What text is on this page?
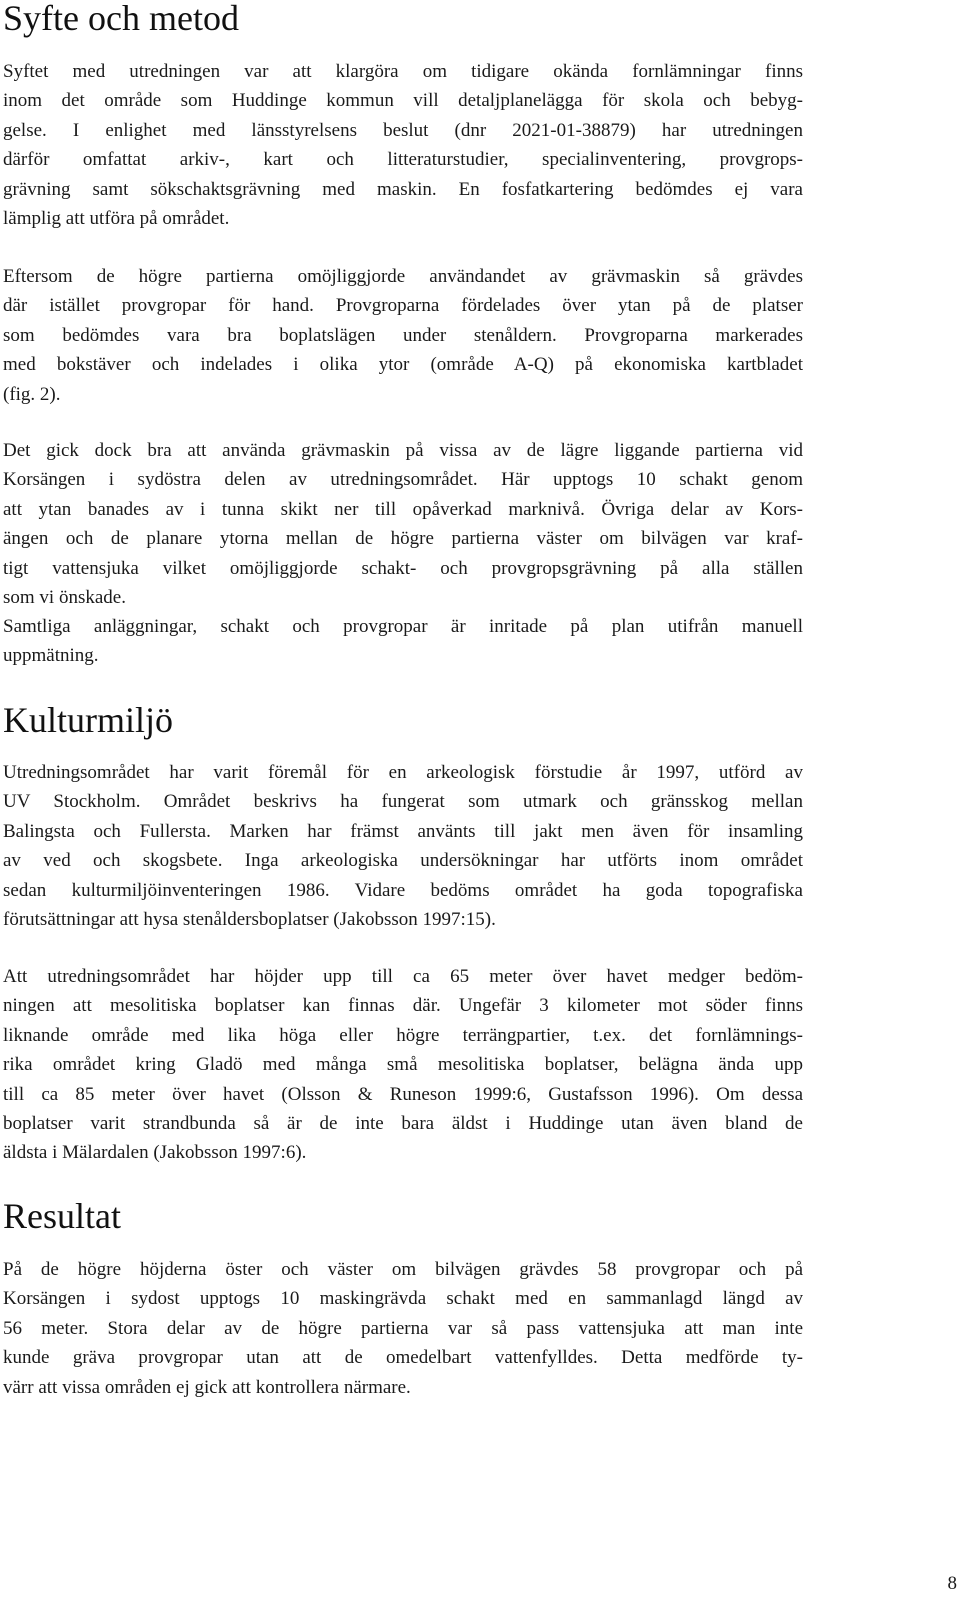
Syfte och metod
Syftet med utredningen var att klargöra om tidigare okända fornlämningar finns
inom det område som Huddinge kommun vill detaljplanelägga för skola och bebyg-
gelse. I enlighet med länsstyrelsens beslut (dnr 2021-01-38879) har utredningen
därför omfattat arkiv-, kart och litteraturstudier, specialinventering, provgrops-
grävning samt sökschaktsgrävning med maskin. En fosfatkartering bedömdes ej vara
lämplig att utföra på området.
Eftersom de högre partierna omöjliggjorde användandet av grävmaskin så grävdes
där istället provgropar för hand. Provgroparna fördelades över ytan på de platser
som bedömdes vara bra boplatslägen under stenåldern. Provgroparna markerades
med bokstäver och indelades i olika ytor (område A-Q) på ekonomiska kartbladet
(fig. 2).
Det gick dock bra att använda grävmaskin på vissa av de lägre liggande partierna vid
Korsängen i sydöstra delen av utredningsområdet. Här upptogs 10 schakt genom
att ytan banades av i tunna skikt ner till opåverkad marknivå. Övriga delar av Kors-
ängen och de planare ytorna mellan de högre partierna väster om bilvägen var kraf-
tigt vattensjuka vilket omöjliggjorde schakt- och provgropsgrävning på alla ställen
som vi önskade.
Samtliga anläggningar, schakt och provgropar är inritade på plan utifrån manuell
uppmätning.
Kulturmiljö
Utredningsområdet har varit föremål för en arkeologisk förstudie år 1997, utförd av
UV Stockholm. Området beskrivs ha fungerat som utmark och gränsskog mellan
Balingsta och Fullersta. Marken har främst använts till jakt men även för insamling
av ved och skogsbete. Inga arkeologiska undersökningar har utförts inom området
sedan kulturmiljöinventeringen 1986. Vidare bedöms området ha goda topografiska
förutsättningar att hysa stenåldersboplatser (Jakobsson 1997:15).
Att utredningsområdet har höjder upp till ca 65 meter över havet medger bedöm-
ningen att mesolitiska boplatser kan finnas där. Ungefär 3 kilometer mot söder finns
liknande område med lika höga eller högre terrängpartier, t.ex. det fornlämnings-
rika området kring Gladö med många små mesolitiska boplatser, belägna ända upp
till ca 85 meter över havet (Olsson & Runeson 1999:6, Gustafsson 1996). Om dessa
boplatser varit strandbunda så är de inte bara äldst i Huddinge utan även bland de
äldsta i Mälardalen (Jakobsson 1997:6).
Resultat
På de högre höjderna öster och väster om bilvägen grävdes 58 provgropar och på
Korsängen i sydost upptogs 10 maskingrävda schakt med en sammanlagd längd av
56 meter. Stora delar av de högre partierna var så pass vattensjuka att man inte
kunde gräva provgropar utan att de omedelbart vattenfylldes. Detta medförde ty-
värr att vissa områden ej gick att kontrollera närmare.
8
